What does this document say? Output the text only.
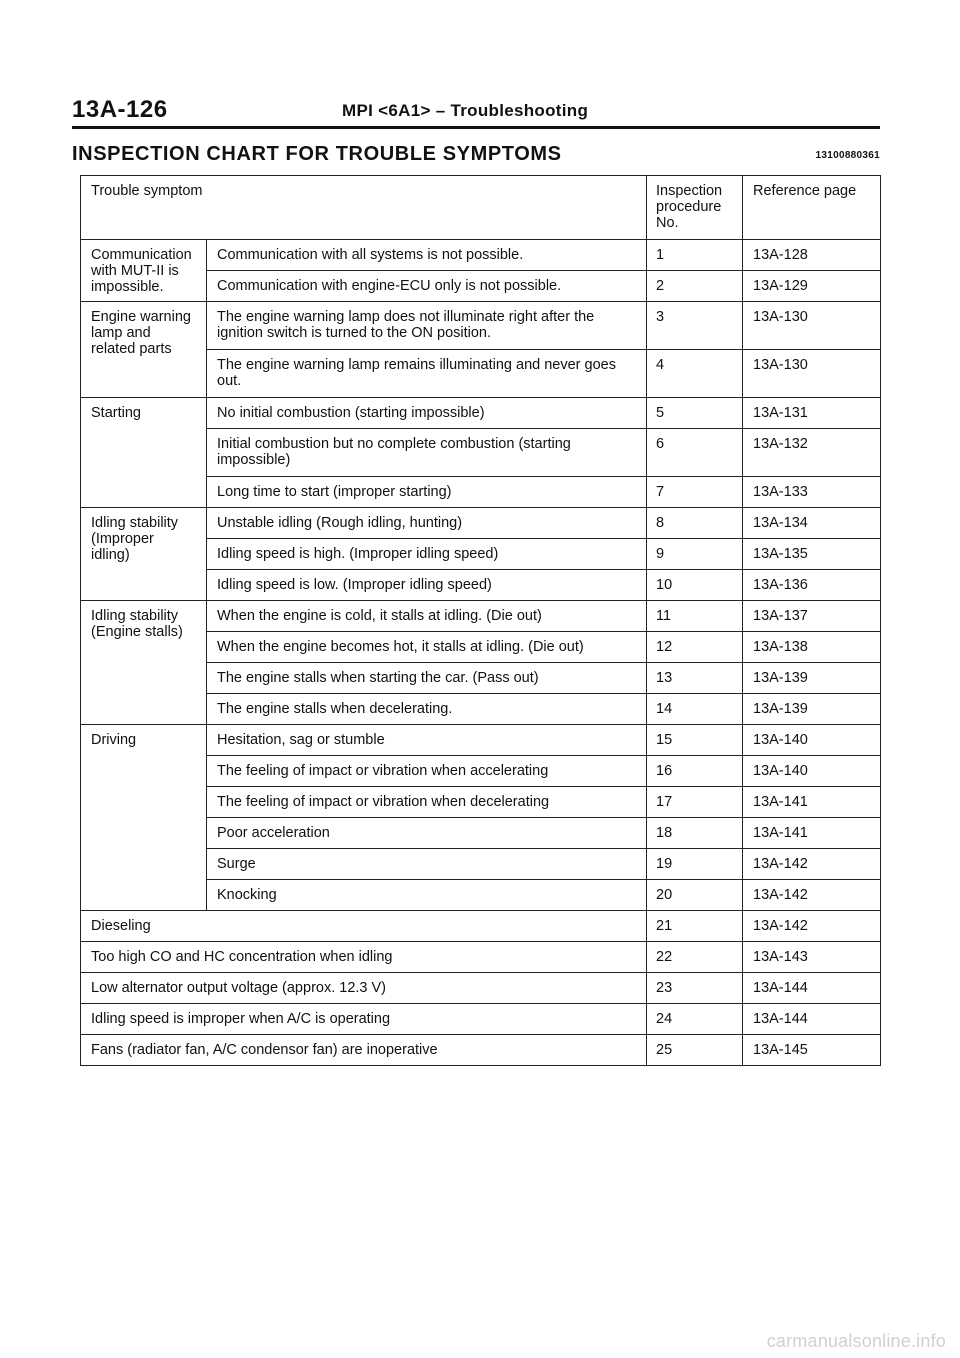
13A-126	MPI <6A1> – Troubleshooting
INSPECTION CHART FOR TROUBLE SYMPTOMS	13100880361
Trouble symptom		Inspection procedure No.	Reference page
Communication with MUT-II is impossible.	Communication with all systems is not possible.	1	13A-128
	Communication with engine-ECU only is not possible.	2	13A-129
Engine warning lamp and related parts	The engine warning lamp does not illuminate right after the ignition switch is turned to the ON position.	3	13A-130
	The engine warning lamp remains illuminating and never goes out.	4	13A-130
Starting	No initial combustion (starting impossible)	5	13A-131
	Initial combustion but no complete combustion (starting impossible)	6	13A-132
	Long time to start (improper starting)	7	13A-133
Idling stability (Improper idling)	Unstable idling (Rough idling, hunting)	8	13A-134
	Idling speed is high. (Improper idling speed)	9	13A-135
	Idling speed is low. (Improper idling speed)	10	13A-136
Idling stability (Engine stalls)	When the engine is cold, it stalls at idling. (Die out)	11	13A-137
	When the engine becomes hot, it stalls at idling. (Die out)	12	13A-138
	The engine stalls when starting the car. (Pass out)	13	13A-139
	The engine stalls when decelerating.	14	13A-139
Driving	Hesitation, sag or stumble	15	13A-140
	The feeling of impact or vibration when accelerating	16	13A-140
	The feeling of impact or vibration when decelerating	17	13A-141
	Poor acceleration	18	13A-141
	Surge	19	13A-142
	Knocking	20	13A-142
Dieseling		21	13A-142
Too high CO and HC concentration when idling		22	13A-143
Low alternator output voltage (approx. 12.3 V)		23	13A-144
Idling speed is improper when A/C is operating		24	13A-144
Fans (radiator fan, A/C condensor fan) are inoperative		25	13A-145
carmanualsonline.info
